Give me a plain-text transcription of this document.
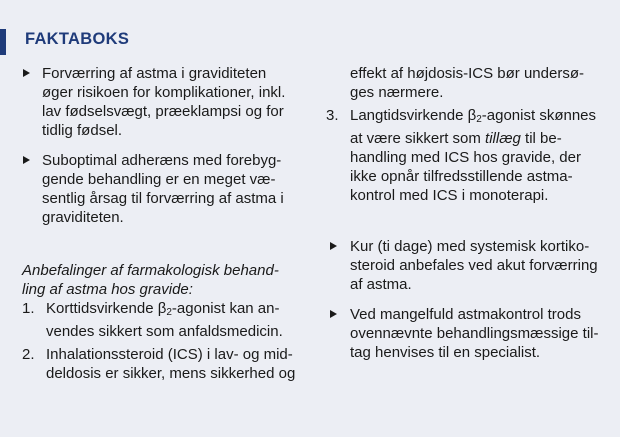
FAKTABOKS
Forværring af astma i graviditeten
øger risikoen for komplikationer, inkl.
lav fødselsvægt, præeklampsi og for
tidlig fødsel.
Suboptimal adheræns med forebyg-
gende behandling er en meget væ-
sentlig årsag til forværring af astma i
graviditeten.
Anbefalinger af farmakologisk behand-
ling af astma hos gravide:
1. Korttidsvirkende $\beta_2$-agonist kan an-
vendes sikkert som anfaldsmedicin.
2. Inhalationssteroid (ICS) i lav- og mid-
deldosis er sikker, mens sikkerhed og
effekt af højdosis-ICS bør undersø-
ges nærmere.
3. Langtidsvirkende $\beta_2$-agonist skønnes
at være sikkert som tillæg til be-
handling med ICS hos gravide, der
ikke opnår tilfredsstillende astma-
kontrol med ICS i monoterapi.
Kur (ti dage) med systemisk kortiko-
steroid anbefales ved akut forværring
af astma.
Ved mangelfuld astmakontrol trods
ovennævnte behandlingsmæssige til-
tag henvises til en specialist.
